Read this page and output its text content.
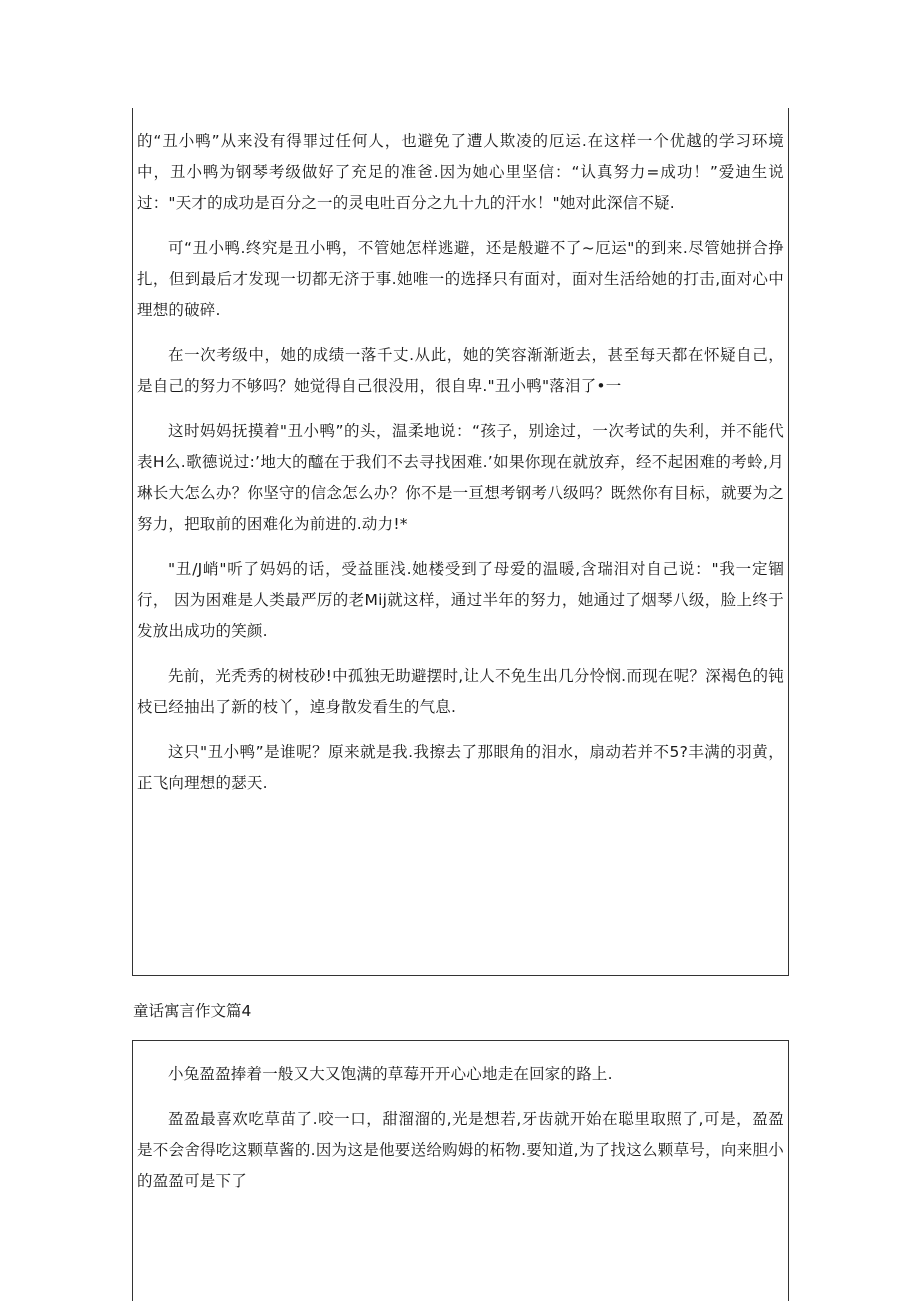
的“丑小鸭”从来没有得罪过任何人，也避免了遭人欺凌的厄运.在这样一个优越的学习环境中，丑小鸭为钢琴考级做好了充足的准爸.因为她心里坚信：“认真努力=成功！”爱迪生说过："天才的成功是百分之一的灵电吐百分之九十九的汗水！"她对此深信不疑.

可“丑小鸭.终究是丑小鸭，不管她怎样逃避，还是般避不了~厄运"的到来.尽管她拼合挣扎，但到最后才发现一切都无济于事.她唯一的选择只有面对，面对生活给她的打击,面对心中理想的破碎.

在一次考级中，她的成绩一落千丈.从此，她的笑容渐渐逝去，甚至每天都在怀疑自己，是自己的努力不够吗？她觉得自己很没用，很自卑."丑小鸭"落泪了•一

这时妈妈抚摸着"丑小鸭”的头，温柔地说：“孩子，别途过，一次考试的失利，并不能代表H么.歌德说过:’地大的醯在于我们不去寻找困难.’如果你现在就放弃，经不起困难的考蛉,月琳长大怎么办？你坚守的信念怎么办？你不是一亘想考钢考八级吗？既然你有目标，就要为之努力，把取前的困难化为前进的.动力!*

"丑/J峭"听了妈妈的话，受益匪浅.她楼受到了母爱的温暖,含瑞泪对自己说："我一定锢行， 因为困难是人类最严厉的老Mij就这样，通过半年的努力，她通过了烟琴八级，脸上终于发放出成功的笑颜.

先前，光秃秀的树枝砂!中孤独无助避摆时,让人不免生出几分怜悯.而现在呢？深褐色的钝枝已经抽出了新的枝丫，逴身散发看生的气息.

这只"丑小鸭”是谁呢？原来就是我.我擦去了那眼角的泪水，扇动若并不5?丰满的羽黄，正飞向理想的瑟天.

童话寓言作文篇4

小兔盈盈捧着一般又大又饱满的草莓开开心心地走在回家的路上.

盈盈最喜欢吃草苗了.咬一口，甜溜溜的,光是想若,牙齿就开始在聪里取照了,可是，盈盈是不会舍得吃这颗草酱的.因为这是他要送给购姆的柘物.要知道,为了找这么颗草号，向来胆小的盈盈可是下了
